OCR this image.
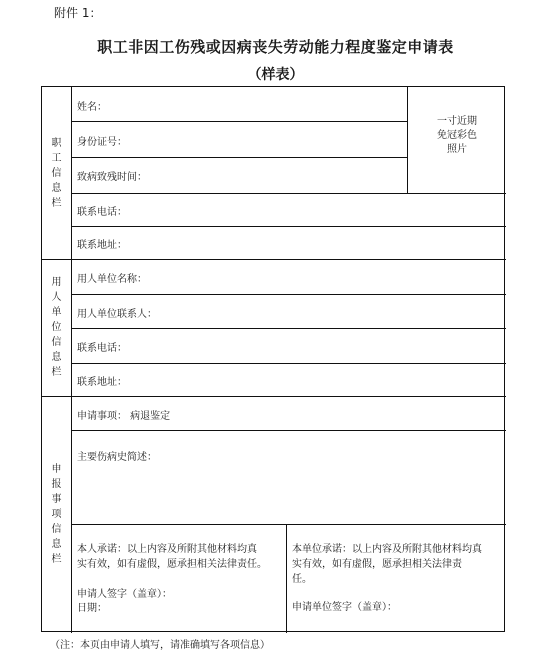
附件 1：
职工非因工伤残或因病丧失劳动能力程度鉴定申请表
（样表）
职
工
信
息
栏
用
人
单
位
信
息
栏
申
报
事
项
信
息
栏
姓名：
身份证号：
致病致残时间：
联系电话：
联系地址：
一寸近期
免冠彩色
照片
用人单位名称：
用人单位联系人：
联系电话：
联系地址：
申请事项： 病退鉴定
主要伤病史简述：
本人承诺：以上内容及所附其他材料均真
实有效，如有虚假，愿承担相关法律责任。
申请人签字（盖章）：
日期：
本单位承诺：以上内容及所附其他材料均真
实有效，如有虚假，愿承担相关法律责
任。
申请单位签字（盖章）：
（注：本页由申请人填写，请准确填写各项信息）
